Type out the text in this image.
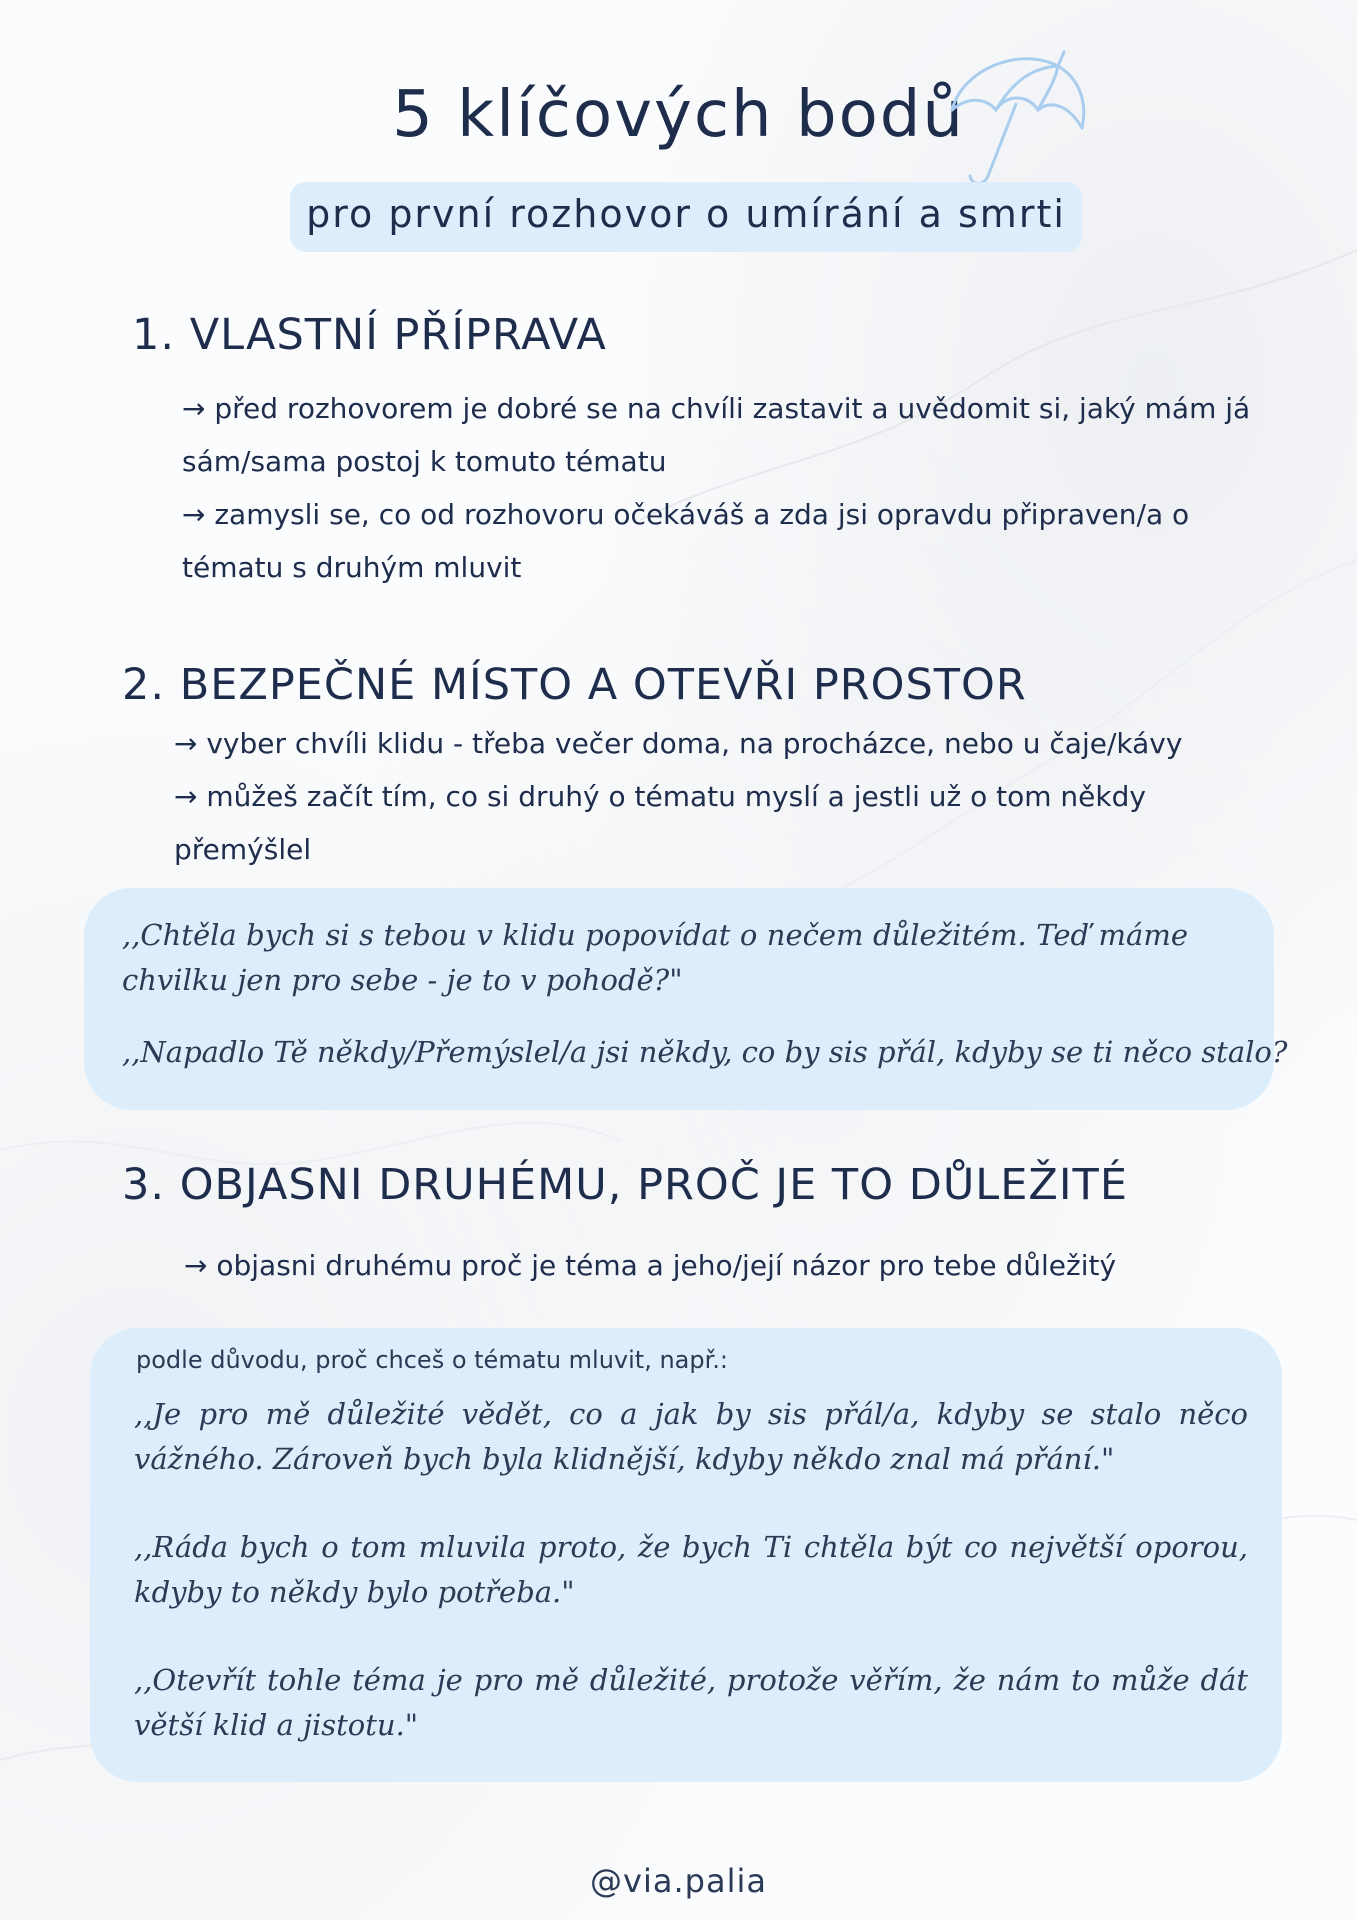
5 klíčových bodů
pro první rozhovor o umírání a smrti
1. VLASTNÍ PŘÍPRAVA
→ před rozhovorem je dobré se na chvíli zastavit a uvědomit si, jaký mám já sám/sama postoj k tomuto tématu
→ zamysli se, co od rozhovoru očekáváš a zda jsi opravdu připraven/a o tématu s druhým mluvit
2. BEZPEČNÉ MÍSTO A OTEVŘI PROSTOR
→ vyber chvíli klidu - třeba večer doma, na procházce, nebo u čaje/kávy
→ můžeš začít tím, co si druhý o tématu myslí a jestli už o tom někdy přemýšlel
,,Chtěla bych si s tebou v klidu popovídat o nečem důležitém. Teď máme chvilku jen pro sebe - je to v pohodě?"
,,Napadlo Tě někdy/Přemýslel/a jsi někdy, co by sis přál, kdyby se ti něco stalo?
3. OBJASNI DRUHÉMU, PROČ JE TO DŮLEŽITÉ
→ objasni druhému proč je téma a jeho/její názor pro tebe důležitý
podle důvodu, proč chceš o tématu mluvit, např.:
,,Je pro mě důležité vědět, co a jak by sis přál/a, kdyby se stalo něco vážného. Zároveň bych byla klidnější, kdyby někdo znal má přání."
,,Ráda bych o tom mluvila proto, že bych Ti chtěla být co největší oporou, kdyby to někdy bylo potřeba."
,,Otevřít tohle téma je pro mě důležité, protože věřím, že nám to může dát větší klid a jistotu."
@via.palia
